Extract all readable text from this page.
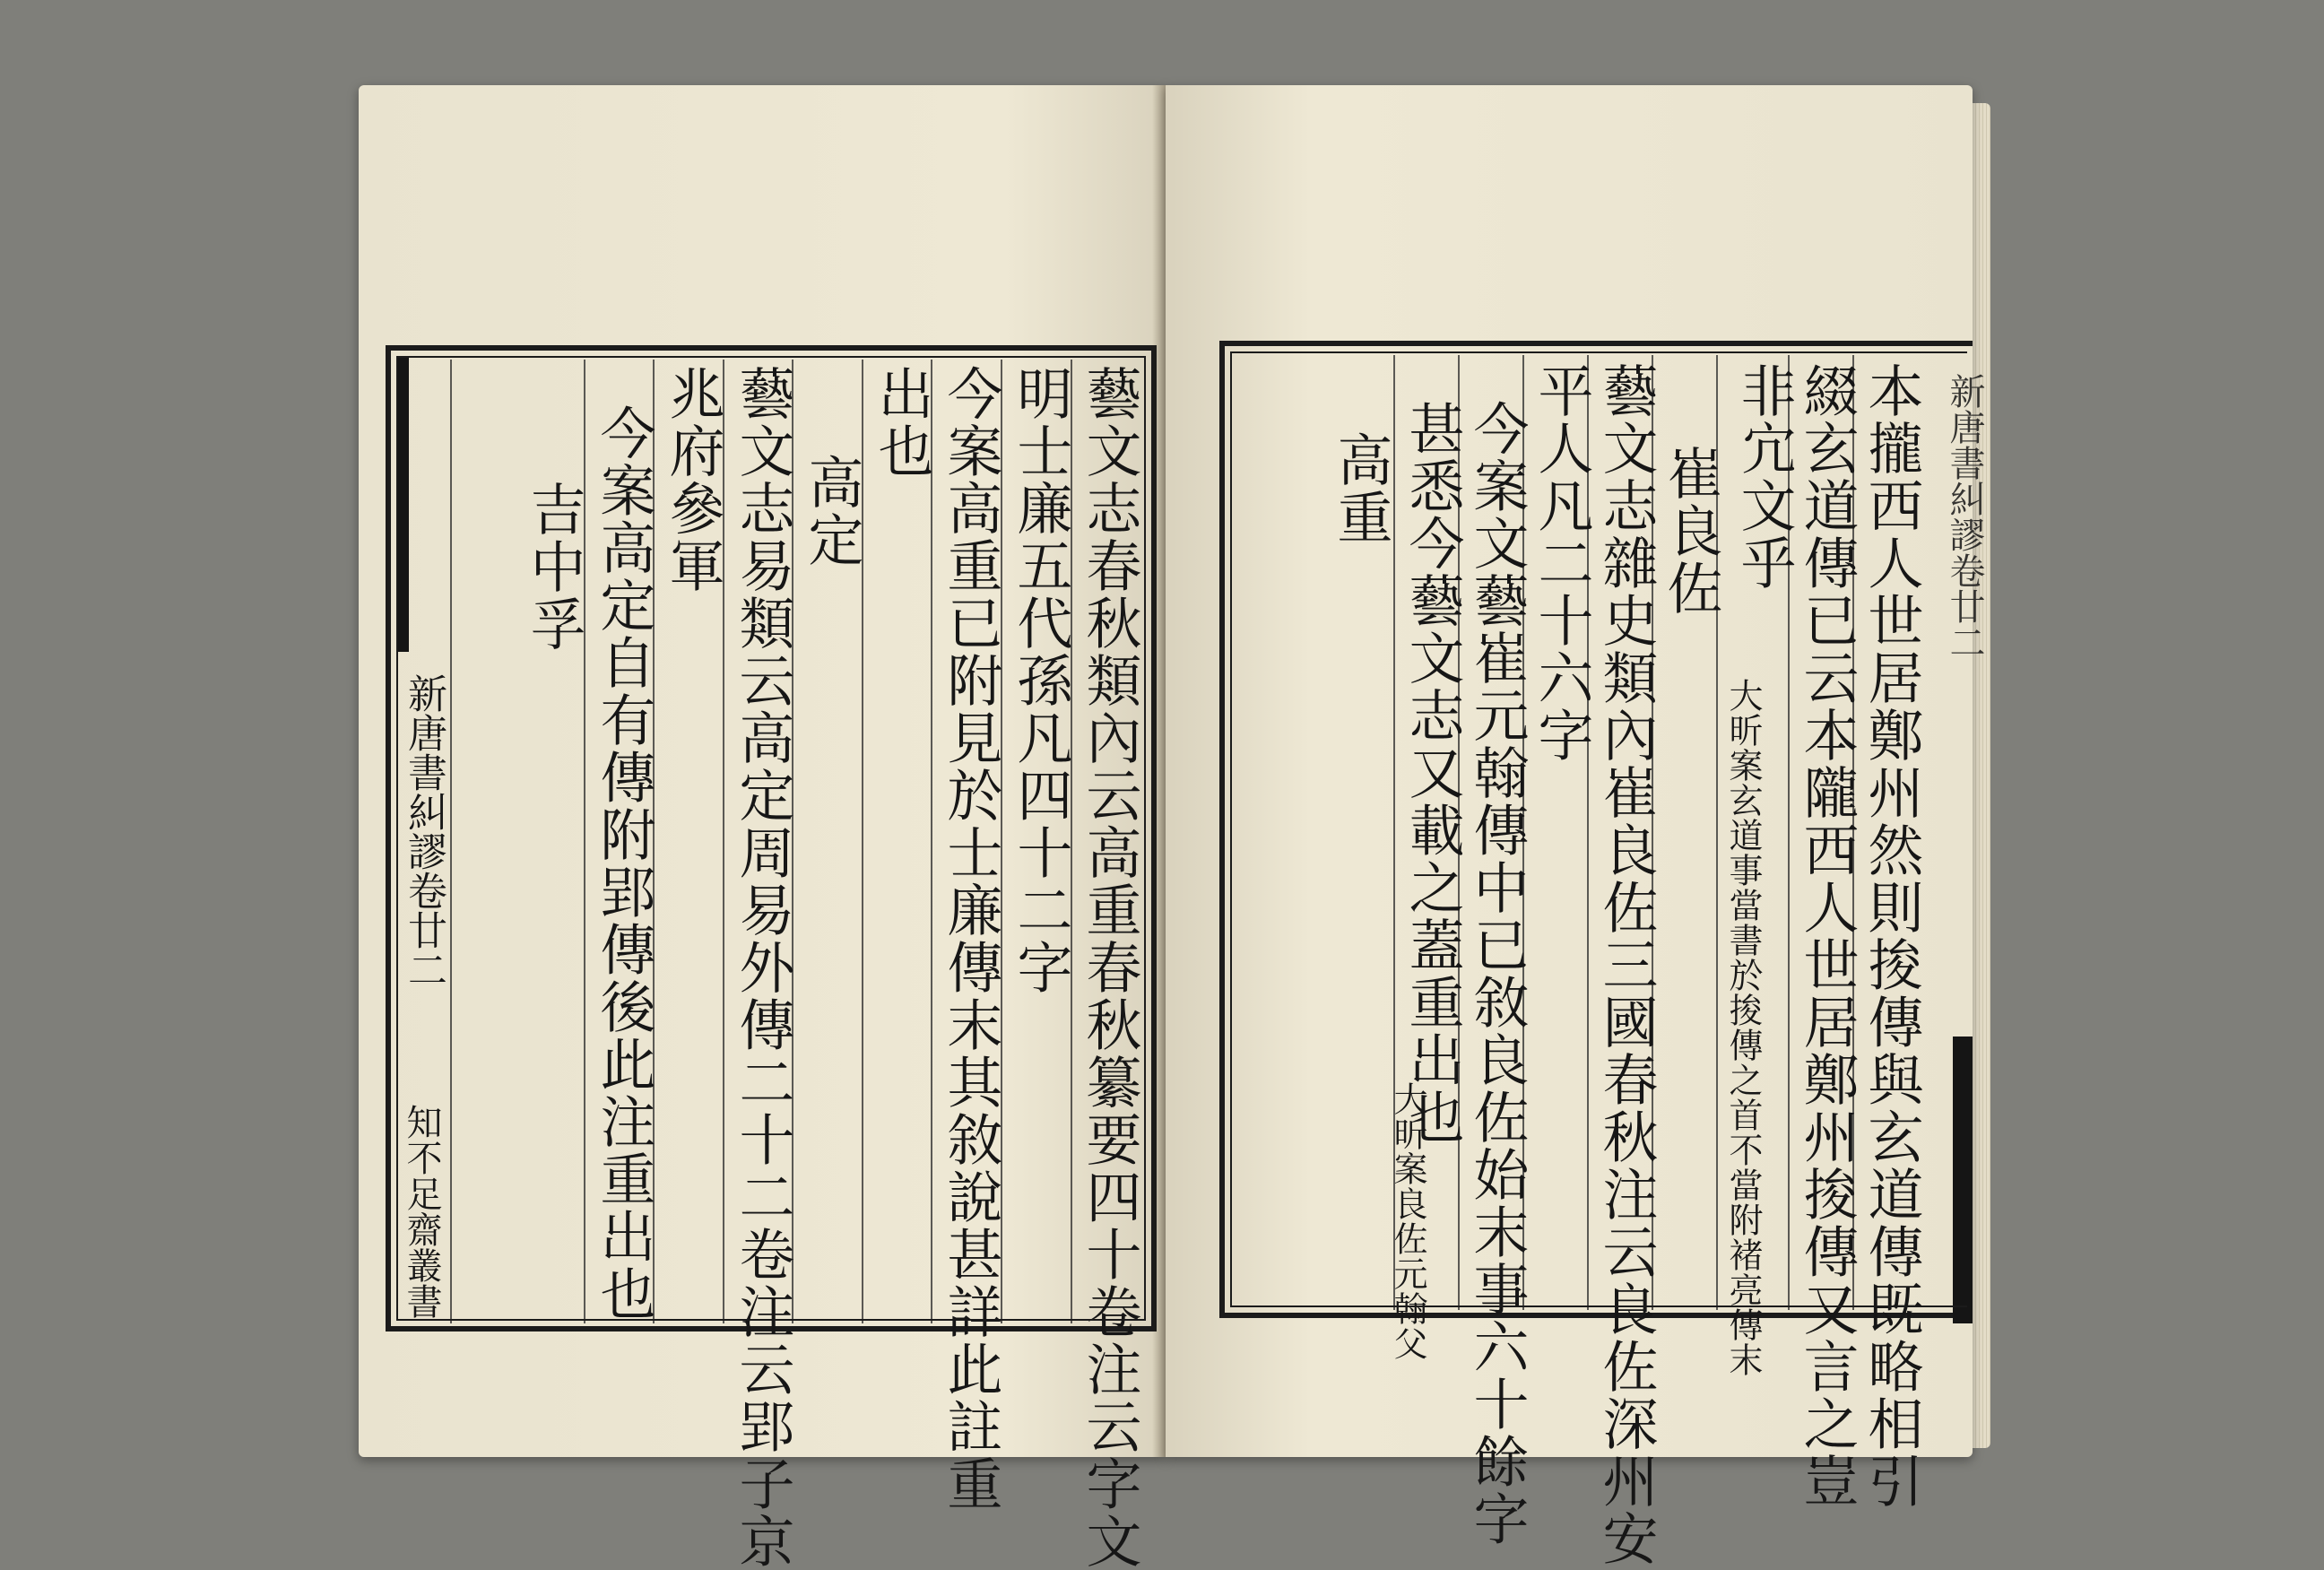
新唐書糾謬卷廿二
知不足齋叢書	藝文志春秋類內云高重春秋纂要四十卷注云字文
明士廉五代孫凡四十二字
今案高重已附見於士廉傳末其敘說甚詳此註重
出也
高定
藝文志易類云高定周易外傳二十二卷注云郢子京
兆府參軍
今案高定自有傳附郢傳後此注重出也
吉中孚	新唐書糾謬卷廿二
本攏西人世居鄭州然則捘傳與玄道傳既略相引
綴玄道傳已云本隴西人世居鄭州捘傳又言之豈
非宂文乎
大昕案玄道事當書於捘傳之首不當附褚亮傳末
崔良佐
藝文志雜史類內崔良佐三國春秋注云良佐深州安
平人凡二十六字
今案文藝崔元翰傳中已敘良佐始末事六十餘字
甚悉今藝文志又載之蓋重出也
大昕案良佐元翰父
高重
